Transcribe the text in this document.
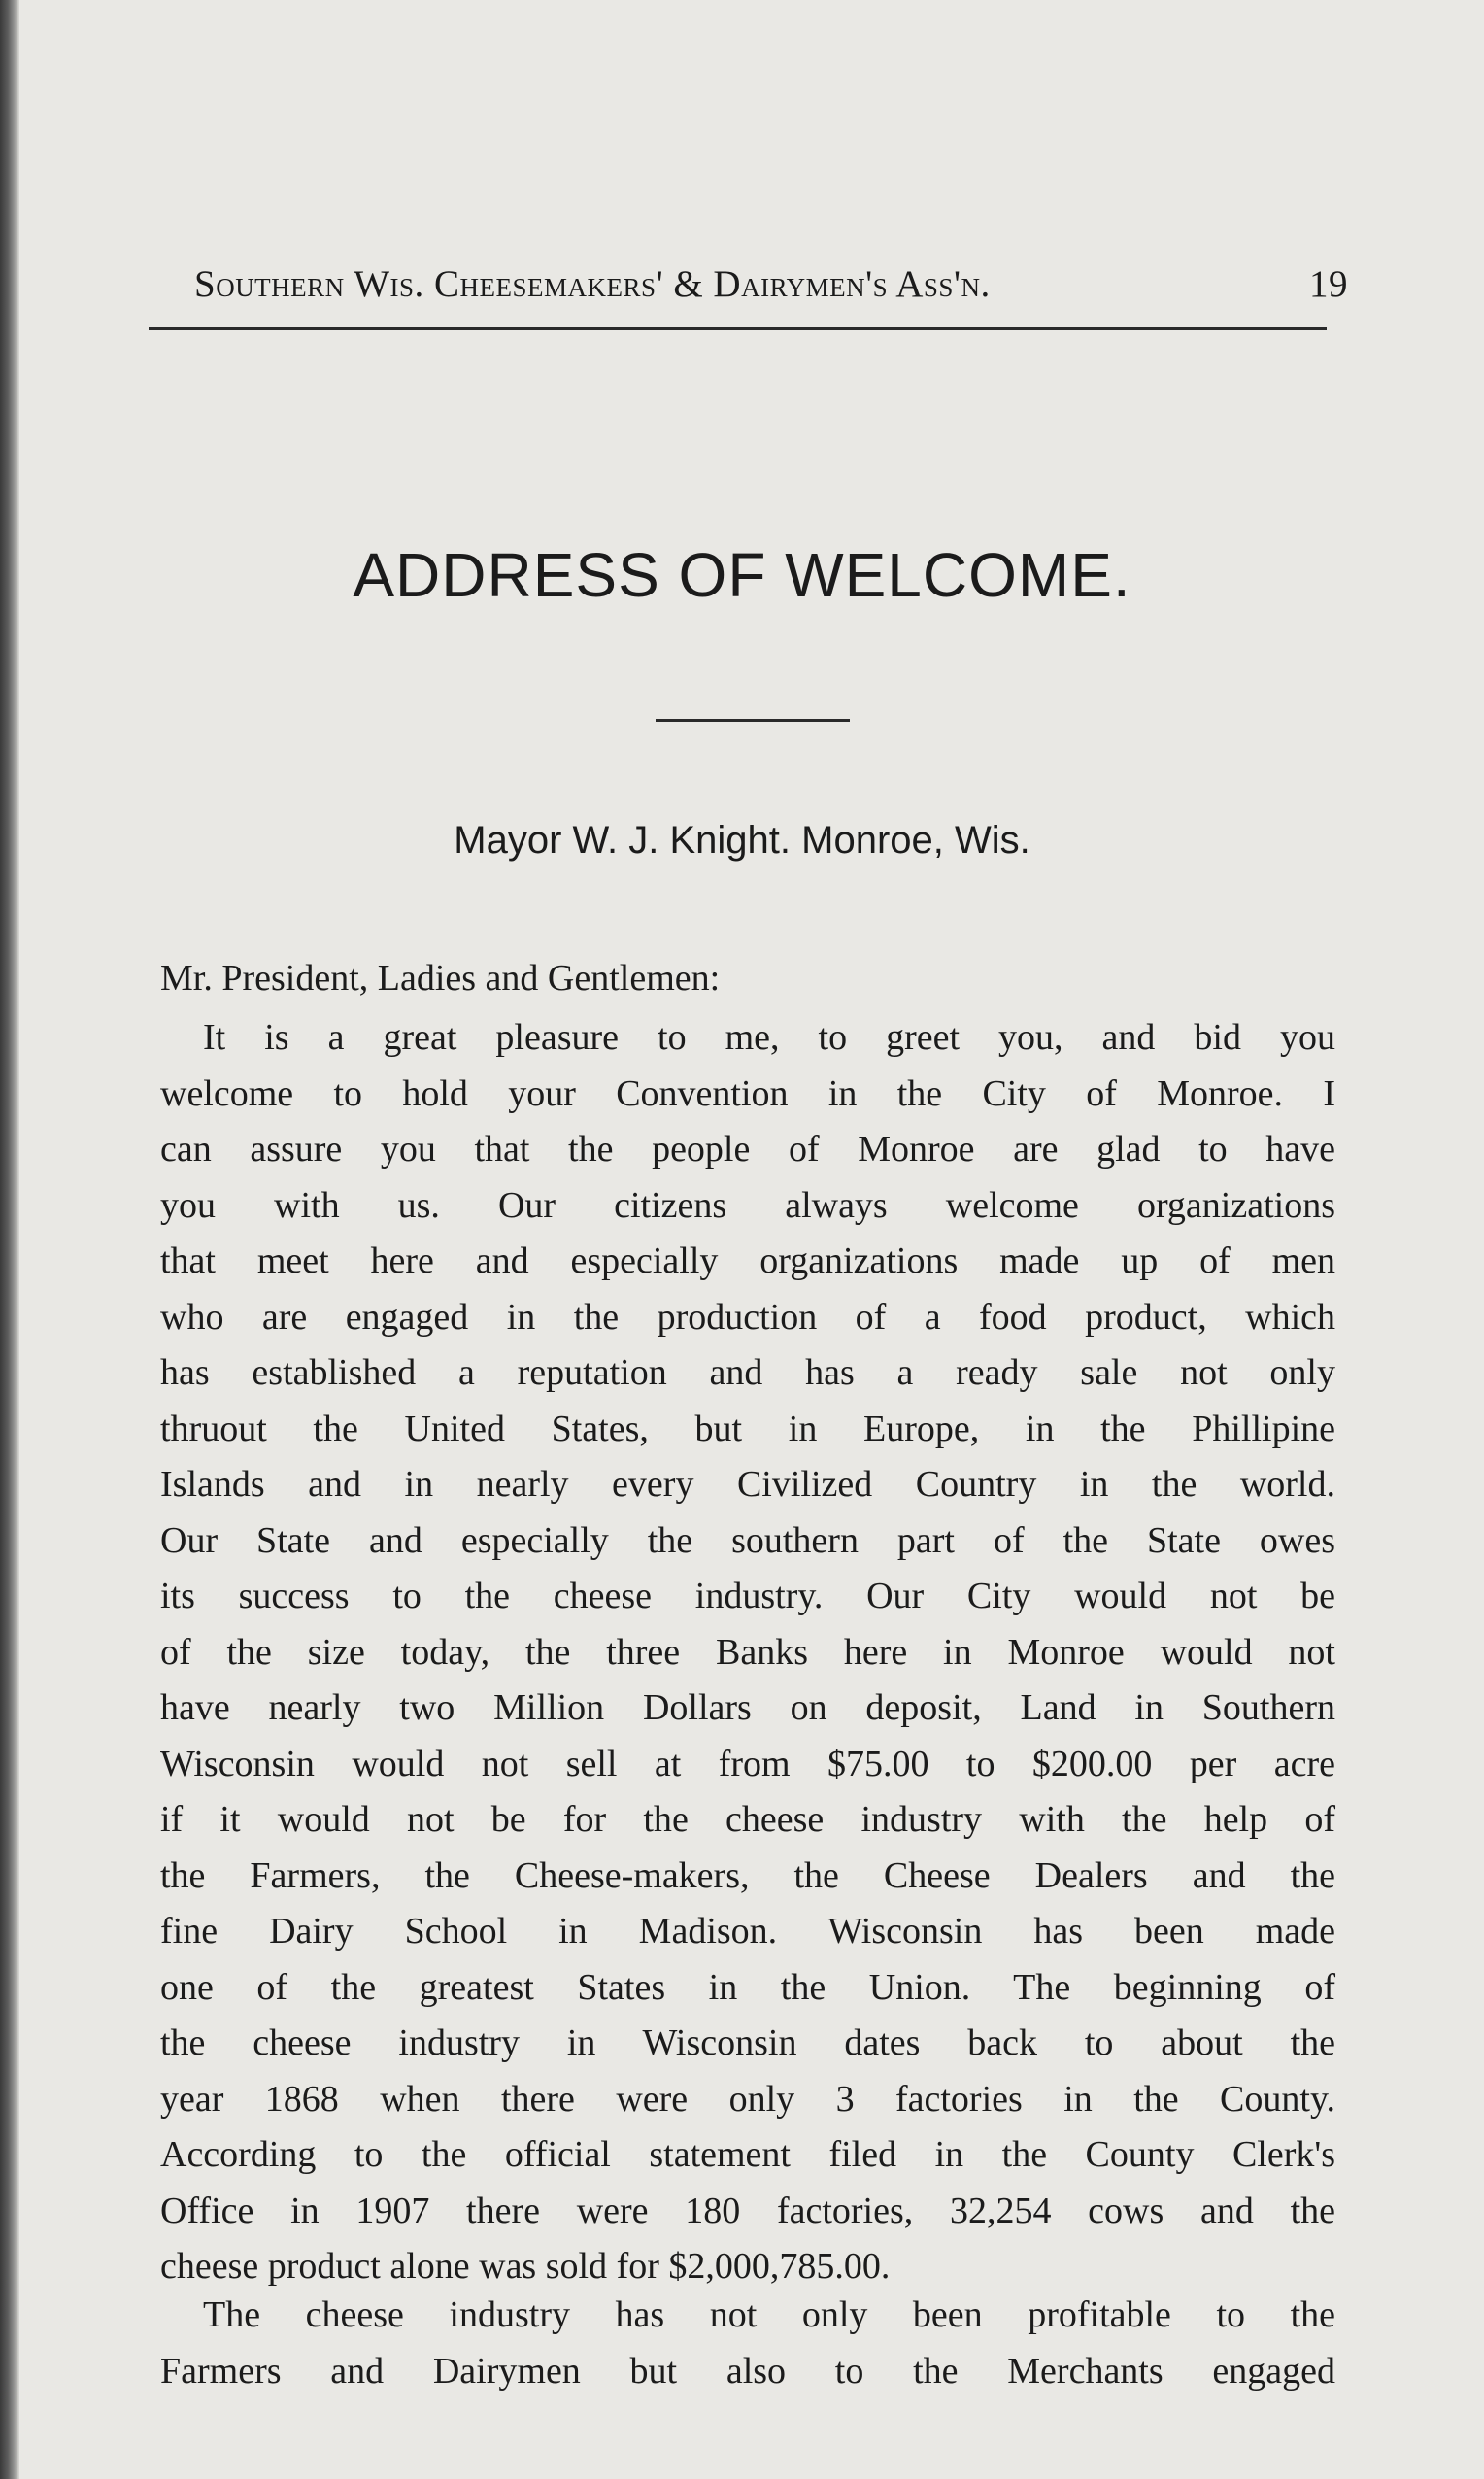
Southern Wis. Cheesemakers' & Dairymen's Ass'n.	19
ADDRESS OF WELCOME.
Mayor W. J. Knight. Monroe, Wis.
Mr. President, Ladies and Gentlemen:
It is a great pleasure to me, to greet you, and bid you
welcome to hold your Convention in the City of Monroe. I
can assure you that the people of Monroe are glad to have
you with us. Our citizens always welcome organizations
that meet here and especially organizations made up of men
who are engaged in the production of a food product, which
has established a reputation and has a ready sale not only
thruout the United States, but in Europe, in the Phillipine
Islands and in nearly every Civilized Country in the world.
Our State and especially the southern part of the State owes
its success to the cheese industry. Our City would not be
of the size today, the three Banks here in Monroe would not
have nearly two Million Dollars on deposit, Land in Southern
Wisconsin would not sell at from $75.00 to $200.00 per acre
if it would not be for the cheese industry with the help of
the Farmers, the Cheese-makers, the Cheese Dealers and the
fine Dairy School in Madison. Wisconsin has been made
one of the greatest States in the Union. The beginning of
the cheese industry in Wisconsin dates back to about the
year 1868 when there were only 3 factories in the County.
According to the official statement filed in the County Clerk's
Office in 1907 there were 180 factories, 32,254 cows and the
cheese product alone was sold for $2,000,785.00.
The cheese industry has not only been profitable to the
Farmers and Dairymen but also to the Merchants engaged
